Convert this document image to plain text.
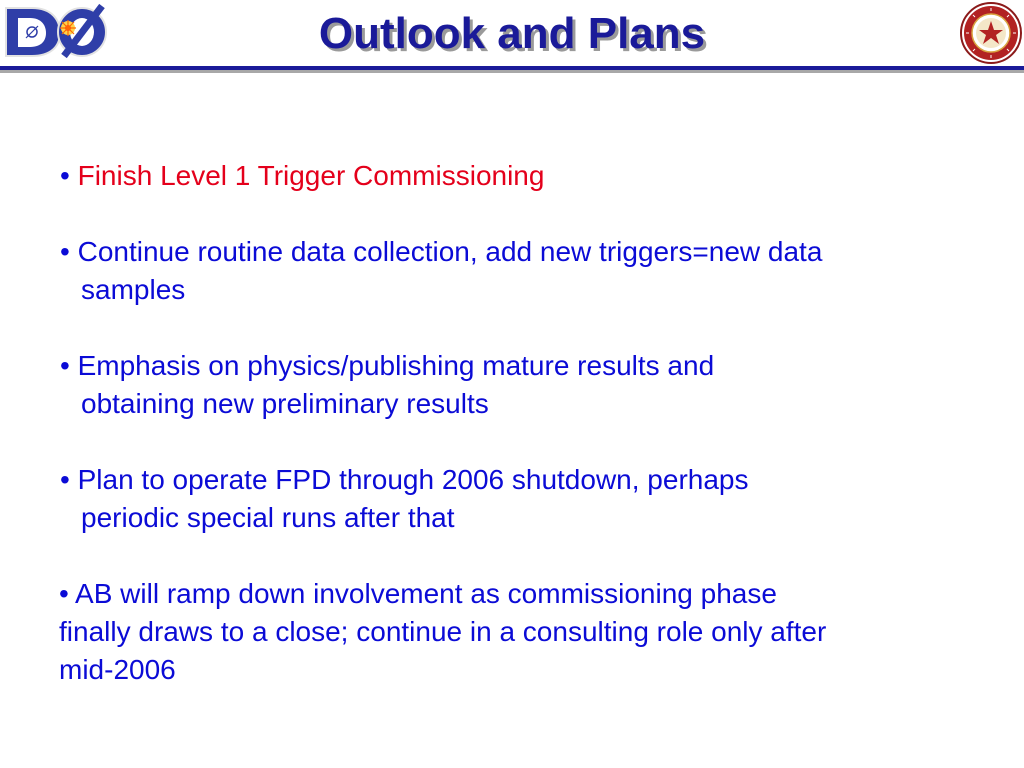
Outlook and Plans
• Finish Level 1 Trigger Commissioning
• Continue routine data collection, add new triggers=new data
samples
• Emphasis on physics/publishing mature results and
obtaining new preliminary results
• Plan to operate FPD through 2006 shutdown, perhaps
periodic special runs after that
• AB will ramp down involvement as commissioning phase
finally draws to a close; continue in a consulting role only after
mid-2006
